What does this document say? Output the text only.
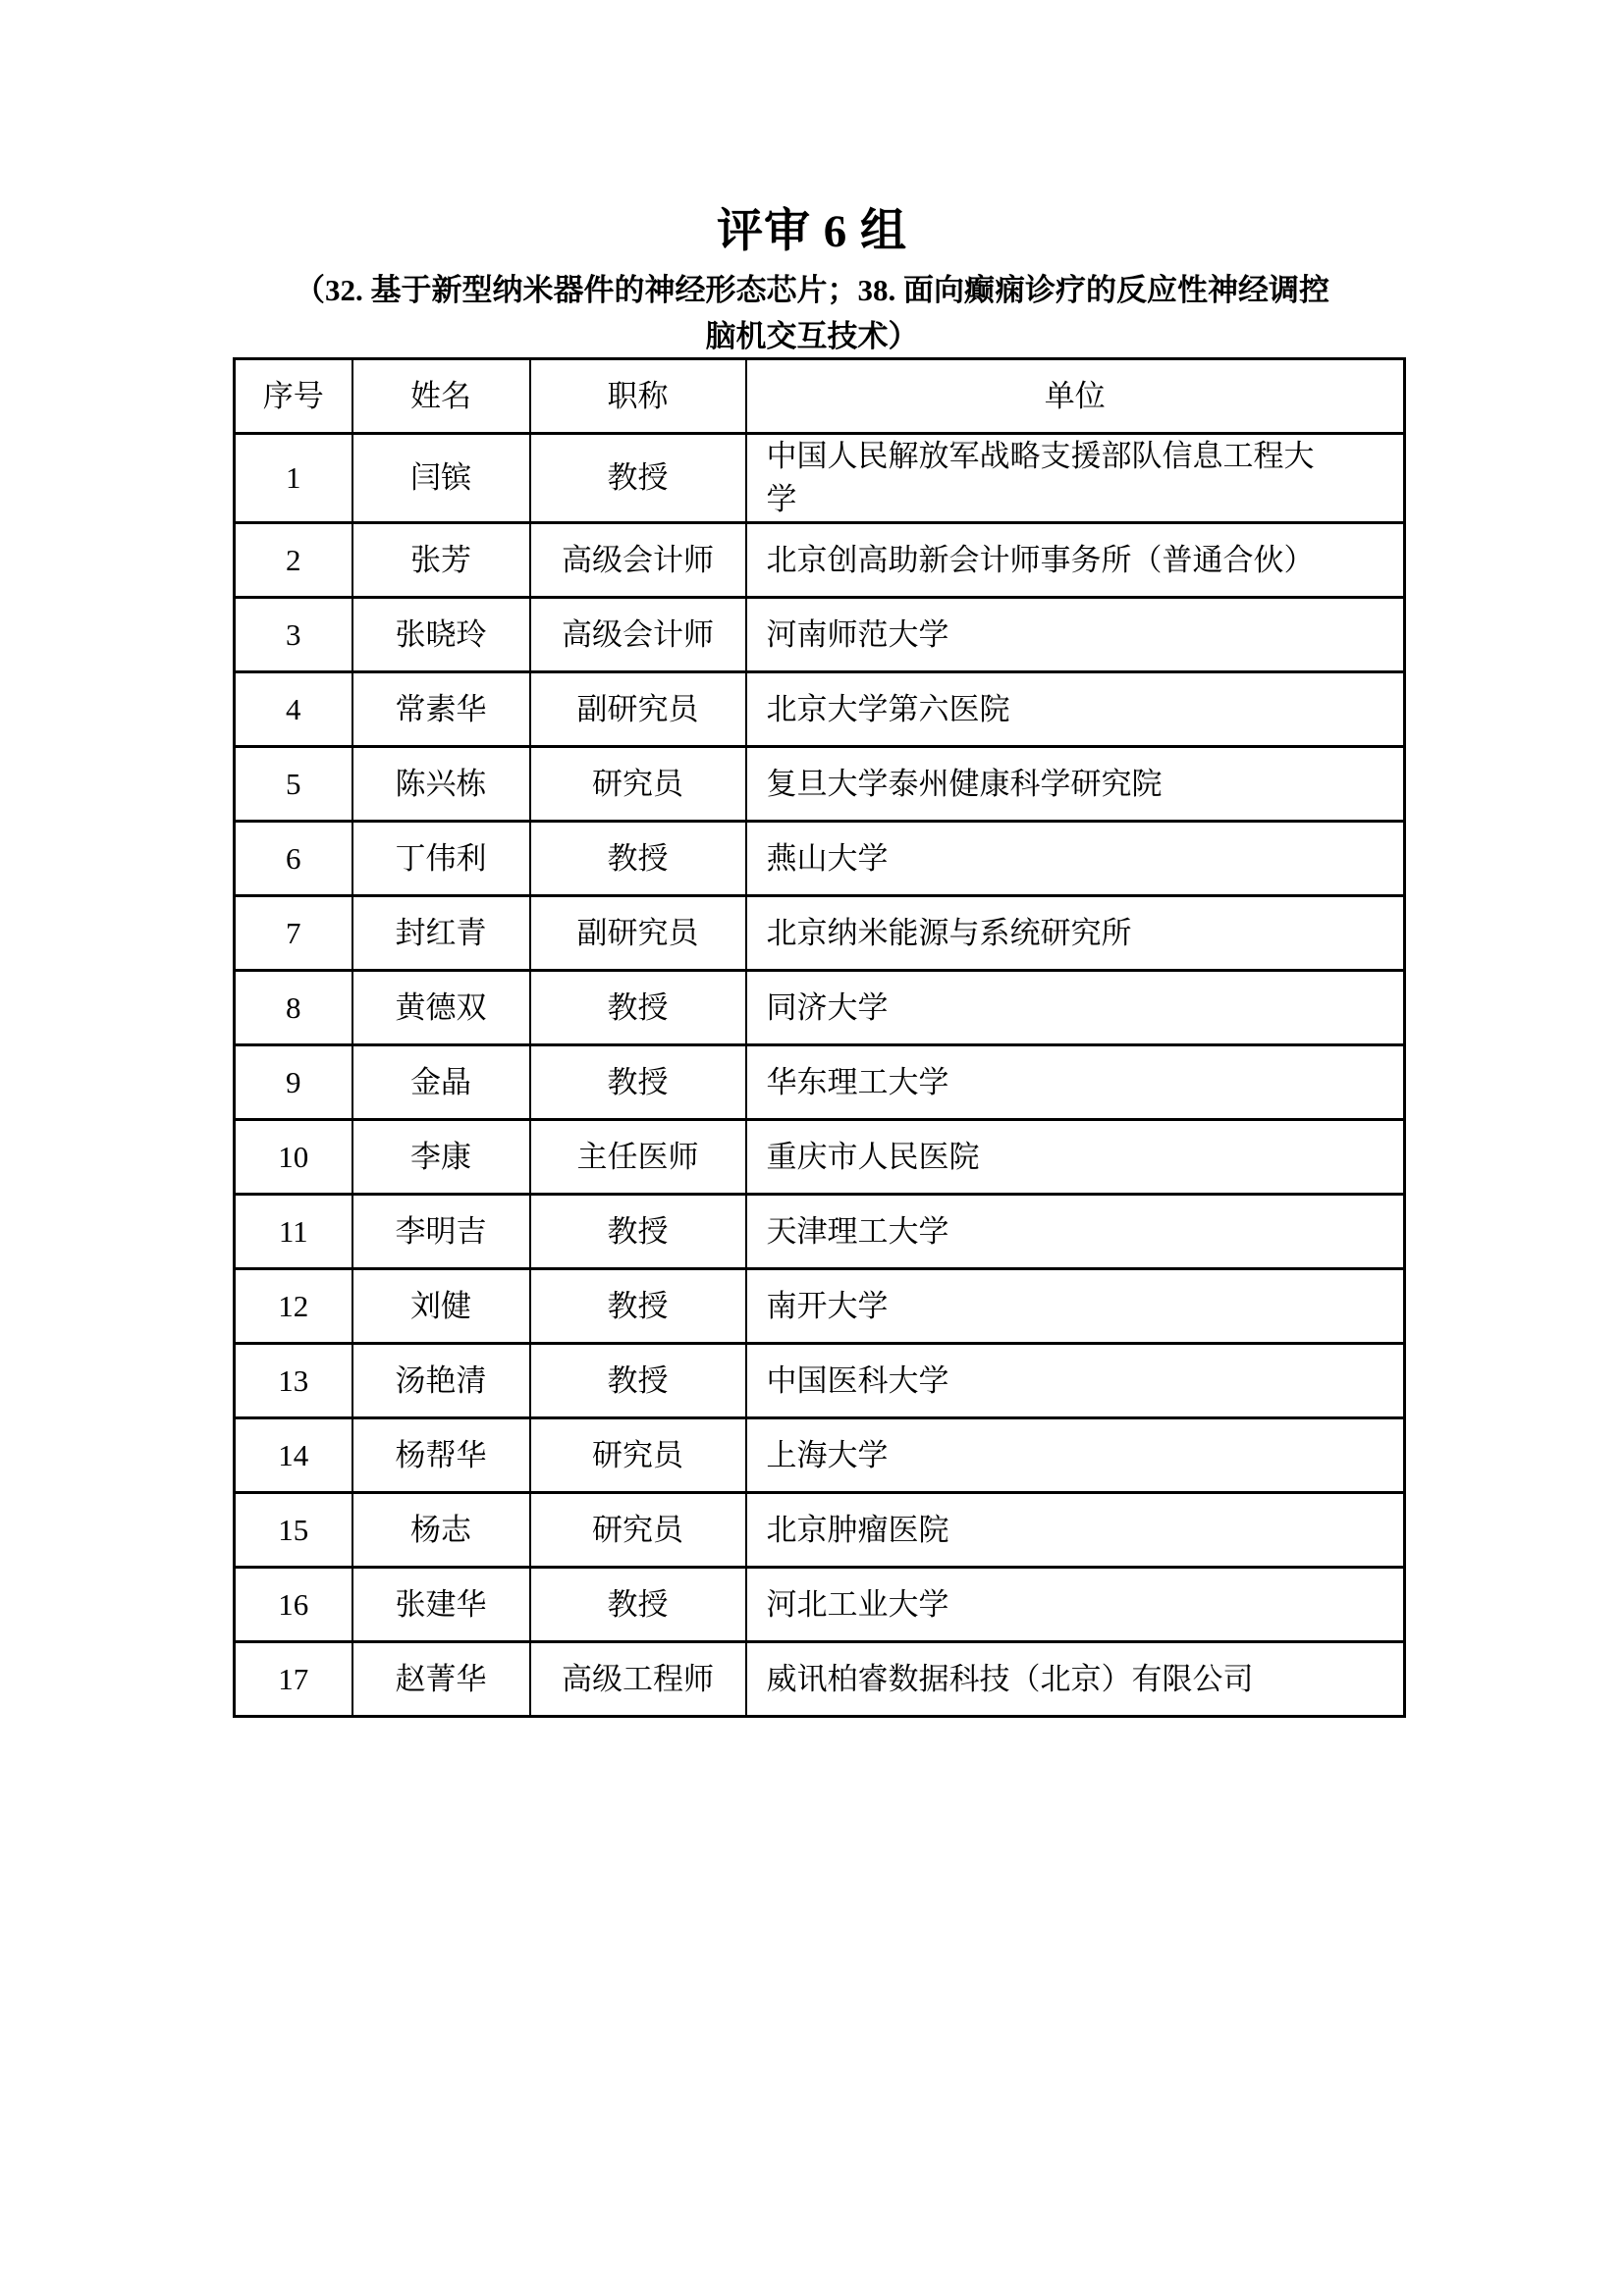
评审 6 组
（32. 基于新型纳米器件的神经形态芯片；38. 面向癫痫诊疗的反应性神经调控
脑机交互技术）
序号	姓名	职称	单位
1	闫镔	教授	中国人民解放军战略支援部队信息工程大学
2	张芳	高级会计师	北京创高助新会计师事务所（普通合伙）
3	张晓玲	高级会计师	河南师范大学
4	常素华	副研究员	北京大学第六医院
5	陈兴栋	研究员	复旦大学泰州健康科学研究院
6	丁伟利	教授	燕山大学
7	封红青	副研究员	北京纳米能源与系统研究所
8	黄德双	教授	同济大学
9	金晶	教授	华东理工大学
10	李康	主任医师	重庆市人民医院
11	李明吉	教授	天津理工大学
12	刘健	教授	南开大学
13	汤艳清	教授	中国医科大学
14	杨帮华	研究员	上海大学
15	杨志	研究员	北京肿瘤医院
16	张建华	教授	河北工业大学
17	赵菁华	高级工程师	威讯柏睿数据科技（北京）有限公司
